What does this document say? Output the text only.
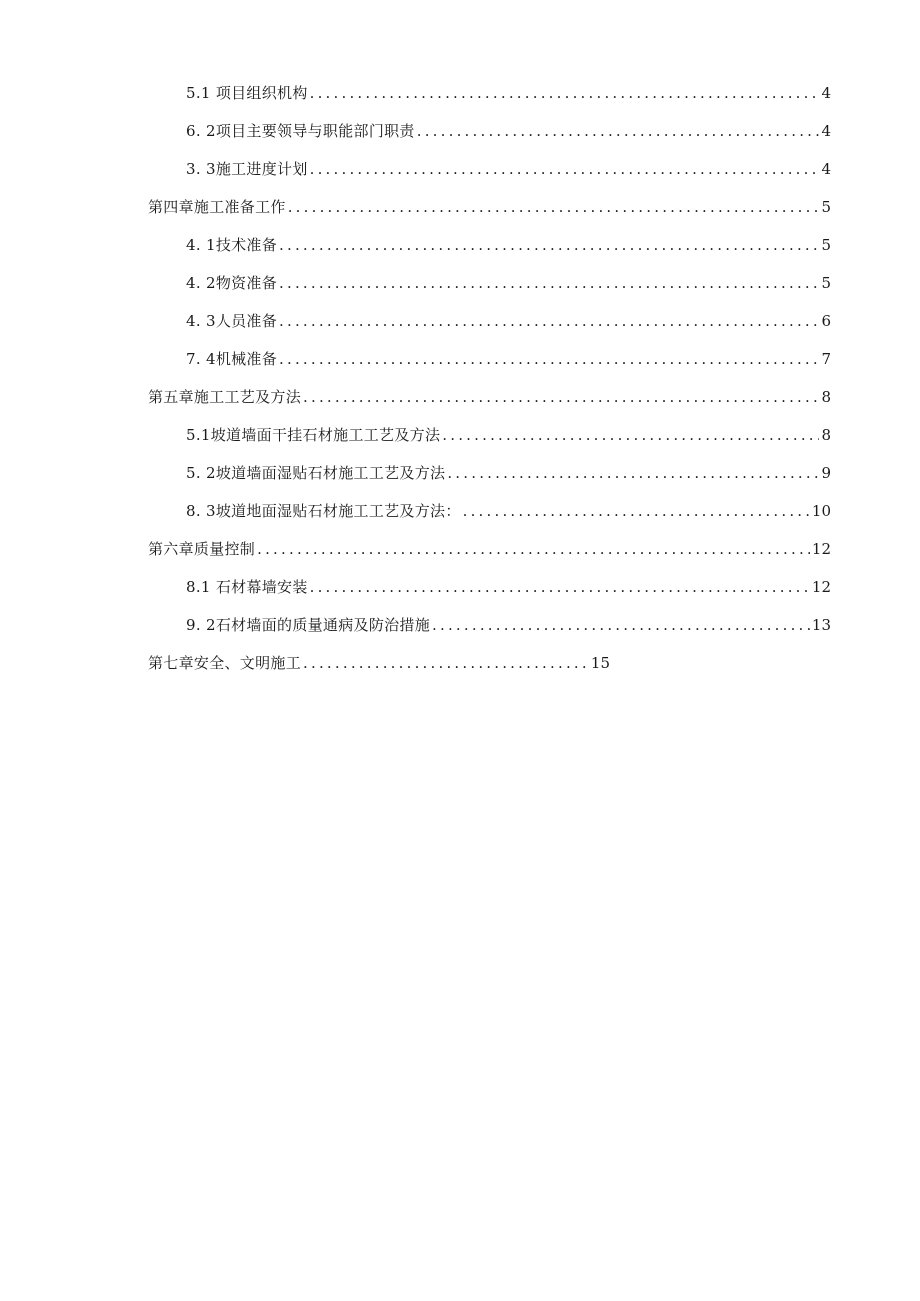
5.1 项目组织机构 .....	4
6. 2项目主要领导与职能部门职责 .....	4
3. 3施工进度计划 .....	4
第四章施工准备工作 .....	5
4. 1技术准备 .....	5
4. 2物资准备 .....	5
4. 3人员准备 .....	6
7. 4机械准备 .....	7
第五章施工工艺及方法 .....	8
5.1坡道墙面干挂石材施工工艺及方法 .....	8
5. 2坡道墙面湿贴石材施工工艺及方法 .....	9
8. 3坡道地面湿贴石材施工工艺及方法： .....	10
第六章质量控制 .....	12
8.1 石材幕墙安装 .....	12
9. 2石材墙面的质量通病及防治措施 .....	13
第七章安全、文明施工 .....	15
